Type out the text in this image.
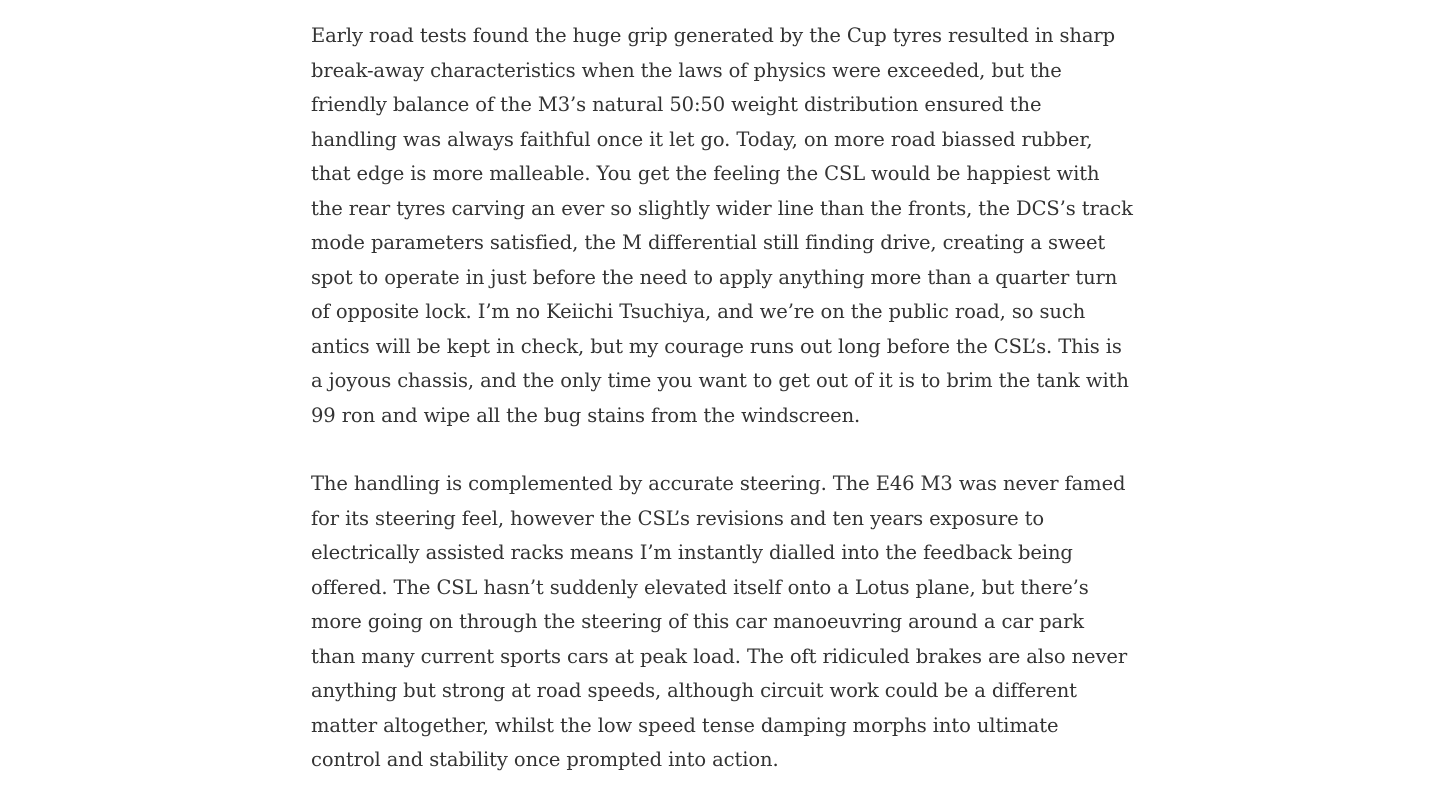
Early road tests found the huge grip generated by the Cup tyres resulted in sharp break-away characteristics when the laws of physics were exceeded, but the friendly balance of the M3’s natural 50:50 weight distribution ensured the handling was always faithful once it let go. Today, on more road biassed rubber, that edge is more malleable. You get the feeling the CSL would be happiest with the rear tyres carving an ever so slightly wider line than the fronts, the DCS’s track mode parameters satisfied, the M differential still finding drive, creating a sweet spot to operate in just before the need to apply anything more than a quarter turn of opposite lock. I’m no Keiichi Tsuchiya, and we’re on the public road, so such antics will be kept in check, but my courage runs out long before the CSL’s. This is a joyous chassis, and the only time you want to get out of it is to brim the tank with 99 ron and wipe all the bug stains from the windscreen.

The handling is complemented by accurate steering. The E46 M3 was never famed for its steering feel, however the CSL’s revisions and ten years exposure to electrically assisted racks means I’m instantly dialled into the feedback being offered. The CSL hasn’t suddenly elevated itself onto a Lotus plane, but there’s more going on through the steering of this car manoeuvring around a car park than many current sports cars at peak load. The oft ridiculed brakes are also never anything but strong at road speeds, although circuit work could be a different matter altogether, whilst the low speed tense damping morphs into ultimate control and stability once prompted into action.
